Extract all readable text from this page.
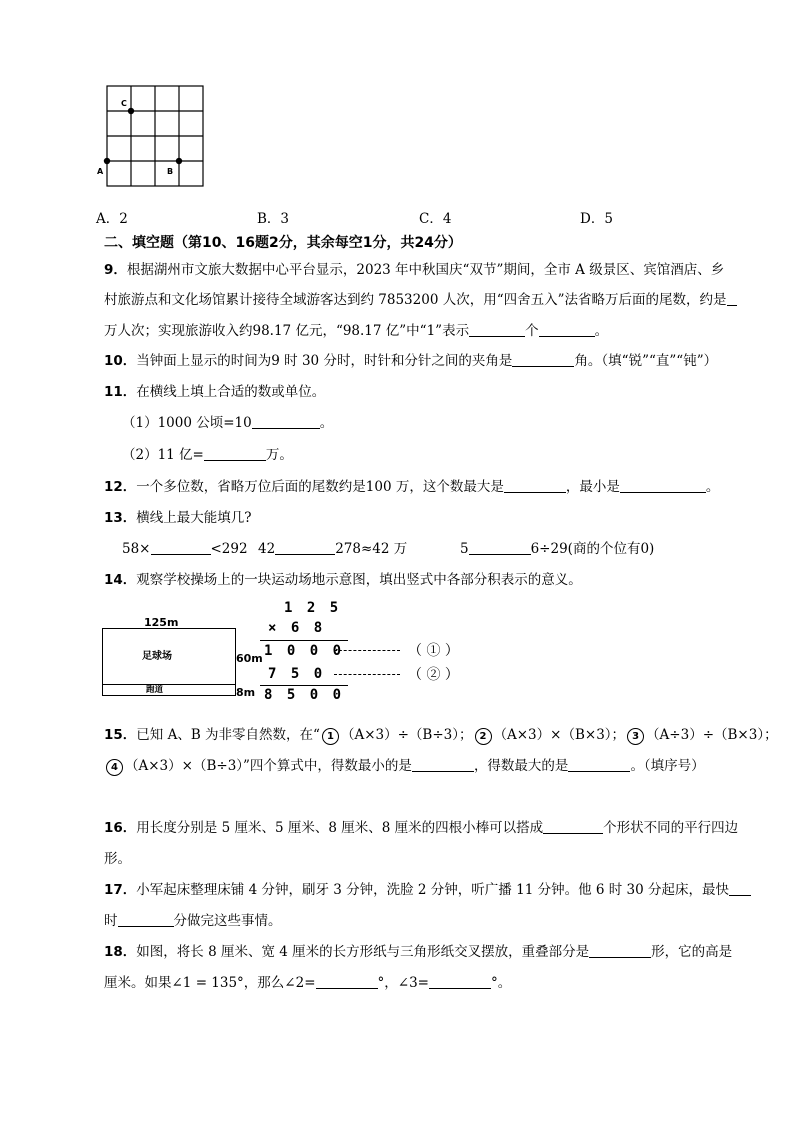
C
A	B
A．2	B．3	C．4	D．5
二、填空题（第10、16题2分，其余每空1分，共24分）
9．根据湖州市文旅大数据中心平台显示，2023 年中秋国庆“双节”期间，全市 A 级景区、宾馆酒店、乡
村旅游点和文化场馆累计接待全域游客达到约 7853200 人次，用“四舍五入”法省略万后面的尾数，约是
万人次；实现旅游收入约98.17 亿元，“98.17 亿”中“1”表示	个	。
10．当钟面上显示的时间为9 时 30 分时，时针和分针之间的夹角是	角。（填“锐”“直”“钝”）
11．在横线上填上合适的数或单位。
（1）1000 公顷=10	。
（2）11 亿=	万。
12．一个多位数，省略万位后面的尾数约是100 万，这个数最大是	，最小是	。
13．横线上最大能填几?
58×	<292 42	278≈42 万	5	6÷29(商的个位有0)
14．观察学校操场上的一块运动场地示意图，填出竖式中各部分积表示的意义。
125m
足球场
跑道
60m
8m
1 2 5
× 6 8
1 0 0 0
7 5 0
8 5 0 0
（ ① ）
（ ② ）
15．已知 A、B 为非零自然数，在“ 1 （A×3）÷（B÷3）； 2 （A×3）×（B×3）； 3 （A÷3）÷（B×3）；
4 （A×3）×（B÷3）”四个算式中，得数最小的是	，得数最大的是	。（填序号）
16．用长度分别是 5 厘米、5 厘米、8 厘米、8 厘米的四根小棒可以搭成	个形状不同的平行四边
形。
17．小军起床整理床铺 4 分钟，刷牙 3 分钟，洗脸 2 分钟，听广播 11 分钟。他 6 时 30 分起床，最快
时	分做完这些事情。
18．如图，将长 8 厘米、宽 4 厘米的长方形纸与三角形纸交叉摆放，重叠部分是	形，它的高是
厘米。如果∠1 = 135°，那么∠2=	°，∠3=	°。
